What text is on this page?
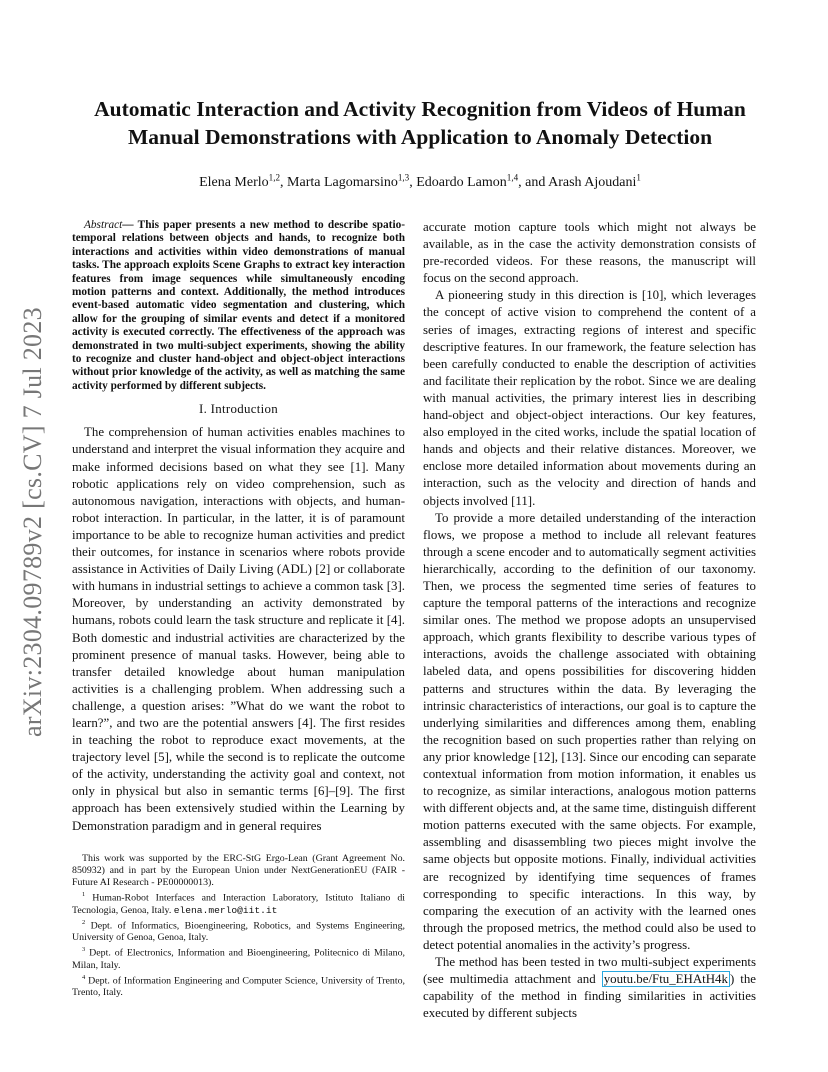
arXiv:2304.09789v2 [cs.CV] 7 Jul 2023
Automatic Interaction and Activity Recognition from Videos of Human Manual Demonstrations with Application to Anomaly Detection
Elena Merlo$^{1,2}$, Marta Lagomarsino$^{1,3}$, Edoardo Lamon$^{1,4}$, and Arash Ajoudani$^1$

Abstract— This paper presents a new method to describe spatio-temporal relations between objects and hands, to recognize both interactions and activities within video demonstrations of manual tasks. The approach exploits Scene Graphs to extract key interaction features from image sequences while simultaneously encoding motion patterns and context. Additionally, the method introduces event-based automatic video segmentation and clustering, which allow for the grouping of similar events and detect if a monitored activity is executed correctly. The effectiveness of the approach was demonstrated in two multi-subject experiments, showing the ability to recognize and cluster hand-object and object-object interactions without prior knowledge of the activity, as well as matching the same activity performed by different subjects.

I. Introduction

The comprehension of human activities enables machines to understand and interpret the visual information they acquire and make informed decisions based on what they see [1]. Many robotic applications rely on video comprehension, such as autonomous navigation, interactions with objects, and human-robot interaction. In particular, in the latter, it is of paramount importance to be able to recognize human activities and predict their outcomes, for instance in scenarios where robots provide assistance in Activities of Daily Living (ADL) [2] or collaborate with humans in industrial settings to achieve a common task [3]. Moreover, by understanding an activity demonstrated by humans, robots could learn the task structure and replicate it [4]. Both domestic and industrial activities are characterized by the prominent presence of manual tasks. However, being able to transfer detailed knowledge about human manipulation activities is a challenging problem. When addressing such a challenge, a question arises: ”What do we want the robot to learn?”, and two are the potential answers [4]. The first resides in teaching the robot to reproduce exact movements, at the trajectory level [5], while the second is to replicate the outcome of the activity, understanding the activity goal and context, not only in physical but also in semantic terms [6]–[9]. The first approach has been extensively studied within the Learning by Demonstration paradigm and in general requires

This work was supported by the ERC-StG Ergo-Lean (Grant Agreement No. 850932) and in part by the European Union under NextGenerationEU (FAIR - Future AI Research - PE00000013).

$^1$ Human-Robot Interfaces and Interaction Laboratory, Istituto Italiano di Tecnologia, Genoa, Italy. elena.merlo@iit.it

$^2$ Dept. of Informatics, Bioengineering, Robotics, and Systems Engineering, University of Genoa, Genoa, Italy.

$^3$ Dept. of Electronics, Information and Bioengineering, Politecnico di Milano, Milan, Italy.

$^4$ Dept. of Information Engineering and Computer Science, University of Trento, Trento, Italy.

accurate motion capture tools which might not always be available, as in the case the activity demonstration consists of pre-recorded videos. For these reasons, the manuscript will focus on the second approach.

A pioneering study in this direction is [10], which leverages the concept of active vision to comprehend the content of a series of images, extracting regions of interest and specific descriptive features. In our framework, the feature selection has been carefully conducted to enable the description of activities and facilitate their replication by the robot. Since we are dealing with manual activities, the primary interest lies in describing hand-object and object-object interactions. Our key features, also employed in the cited works, include the spatial location of hands and objects and their relative distances. Moreover, we enclose more detailed information about movements during an interaction, such as the velocity and direction of hands and objects involved [11].

To provide a more detailed understanding of the interaction flows, we propose a method to include all relevant features through a scene encoder and to automatically segment activities hierarchically, according to the definition of our taxonomy. Then, we process the segmented time series of features to capture the temporal patterns of the interactions and recognize similar ones. The method we propose adopts an unsupervised approach, which grants flexibility to describe various types of interactions, avoids the challenge associated with obtaining labeled data, and opens possibilities for discovering hidden patterns and structures within the data. By leveraging the intrinsic characteristics of interactions, our goal is to capture the underlying similarities and differences among them, enabling the recognition based on such properties rather than relying on any prior knowledge [12], [13]. Since our encoding can separate contextual information from motion information, it enables us to recognize, as similar interactions, analogous motion patterns with different objects and, at the same time, distinguish different motion patterns executed with the same objects. For example, assembling and disassembling two pieces might involve the same objects but opposite motions. Finally, individual activities are recognized by identifying time sequences of frames corresponding to specific interactions. In this way, by comparing the execution of an activity with the learned ones through the proposed metrics, the method could also be used to detect potential anomalies in the activity’s progress.

The method has been tested in two multi-subject experiments (see multimedia attachment and youtu.be/Ftu_EHAtH4k ) the capability of the method in finding similarities in activities executed by different subjects
